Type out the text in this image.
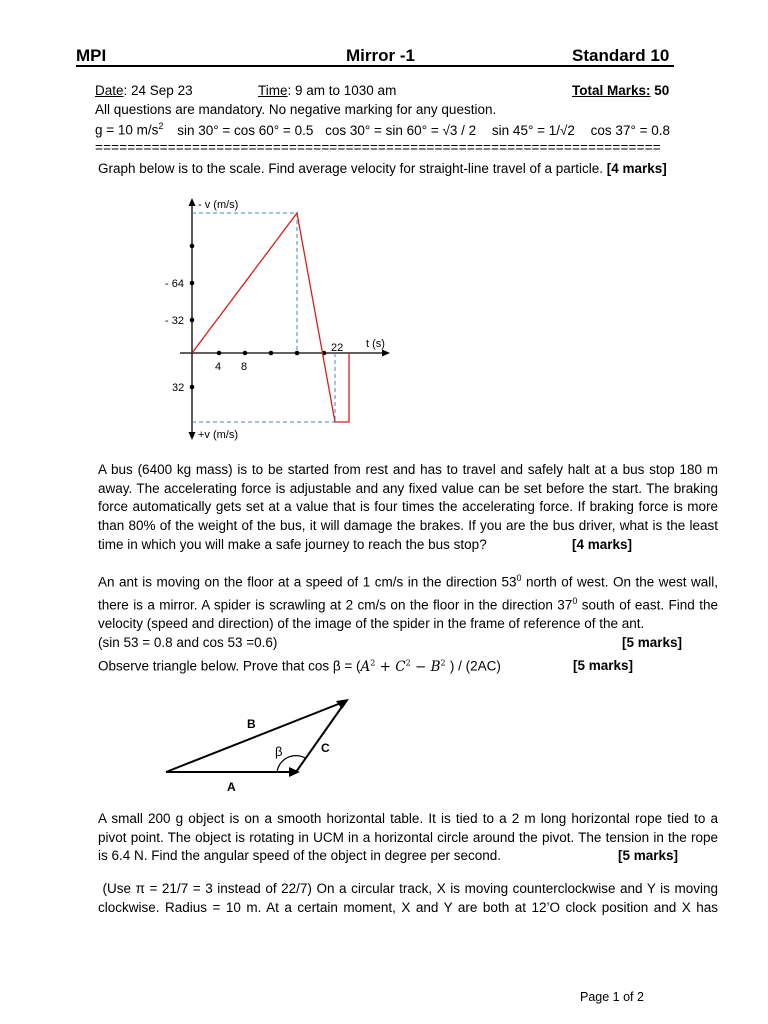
MPI	Mirror -1	Standard 10
Date: 24 Sep 23	Time: 9 am to 1030 am	Total Marks: 50
All questions are mandatory. No negative marking for any question.
g = 10 $m/s^2$ sin 30° = cos 60° = 0.5 cos 30° = sin 60° = √3 / 2 sin 45° = 1/√2 cos 37° = 0.8
======================================================================
Graph below is to the scale. Find average velocity for straight-line travel of a particle. [4 marks]
- v (m/s)
+v (m/s)
t (s)
- 64
- 32
32
4 8
22
A bus (6400 kg mass) is to be started from rest and has to travel and safely halt at a bus stop 180 m
away. The accelerating force is adjustable and any fixed value can be set before the start. The braking
force automatically gets set at a value that is four times the accelerating force. If braking force is more
than 80% of the weight of the bus, it will damage the brakes. If you are the bus driver, what is the least
time in which you will make a safe journey to reach the bus stop?	[4 marks]
An ant is moving on the floor at a speed of 1 cm/s in the direction $53^0$ north of west. On the west wall,
there is a mirror. A spider is scrawling at 2 cm/s on the floor in the direction $37^0$ south of east. Find the
velocity (speed and direction) of the image of the spider in the frame of reference of the ant.
(sin 53 = 0.8 and cos 53 =0.6)	[5 marks]
Observe triangle below. Prove that $\cos \beta = (A^2 + C^2 - B^2$ ) / (2AC)	[5 marks]
B
A
C
β
A small 200 g object is on a smooth horizontal table. It is tied to a 2 m long horizontal rope tied to a
pivot point. The object is rotating in UCM in a horizontal circle around the pivot. The tension in the rope
is 6.4 N. Find the angular speed of the object in degree per second.	[5 marks]
(Use π = 21/7 = 3 instead of 22/7) On a circular track, X is moving counterclockwise and Y is moving
clockwise. Radius = 10 m. At a certain moment, X and Y are both at 12’O clock position and X has
Page 1 of 2
